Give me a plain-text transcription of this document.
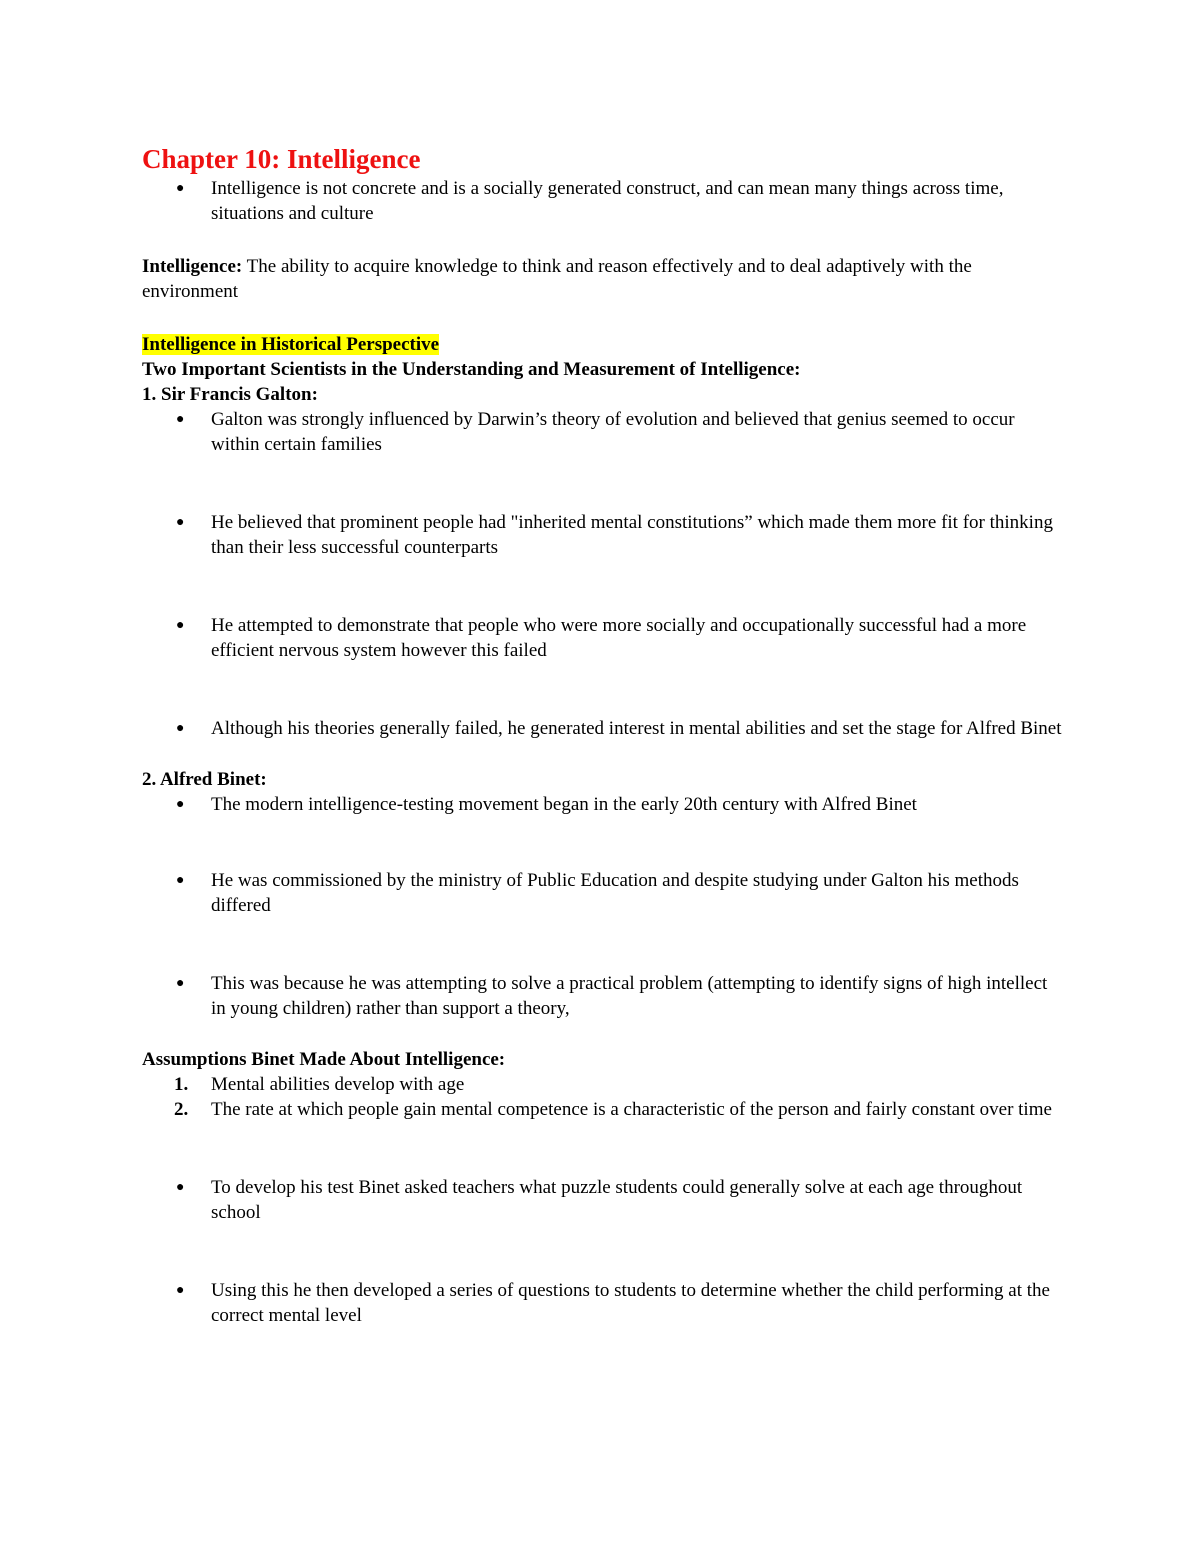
Chapter 10: Intelligence
● Intelligence is not concrete and is a socially generated construct, and can mean many things across time, situations and culture

Intelligence: The ability to acquire knowledge to think and reason effectively and to deal adaptively with the environment

Intelligence in Historical Perspective

Two Important Scientists in the Understanding and Measurement of Intelligence:

1. Sir Francis Galton:

● Galton was strongly influenced by Darwin’s theory of evolution and believed that genius seemed to occur within certain families
● He believed that prominent people had "inherited mental constitutions” which made them more fit for thinking than their less successful counterparts
● He attempted to demonstrate that people who were more socially and occupationally successful had a more efficient nervous system however this failed
● Although his theories generally failed, he generated interest in mental abilities and set the stage for Alfred Binet

2. Alfred Binet:

● The modern intelligence-testing movement began in the early 20th century with Alfred Binet
● He was commissioned by the ministry of Public Education and despite studying under Galton his methods differed
● This was because he was attempting to solve a practical problem (attempting to identify signs of high intellect in young children) rather than support a theory,

Assumptions Binet Made About Intelligence:

1. Mental abilities develop with age
2. The rate at which people gain mental competence is a characteristic of the person and fairly constant over time
● To develop his test Binet asked teachers what puzzle students could generally solve at each age throughout school
● Using this he then developed a series of questions to students to determine whether the child performing at the correct mental level
